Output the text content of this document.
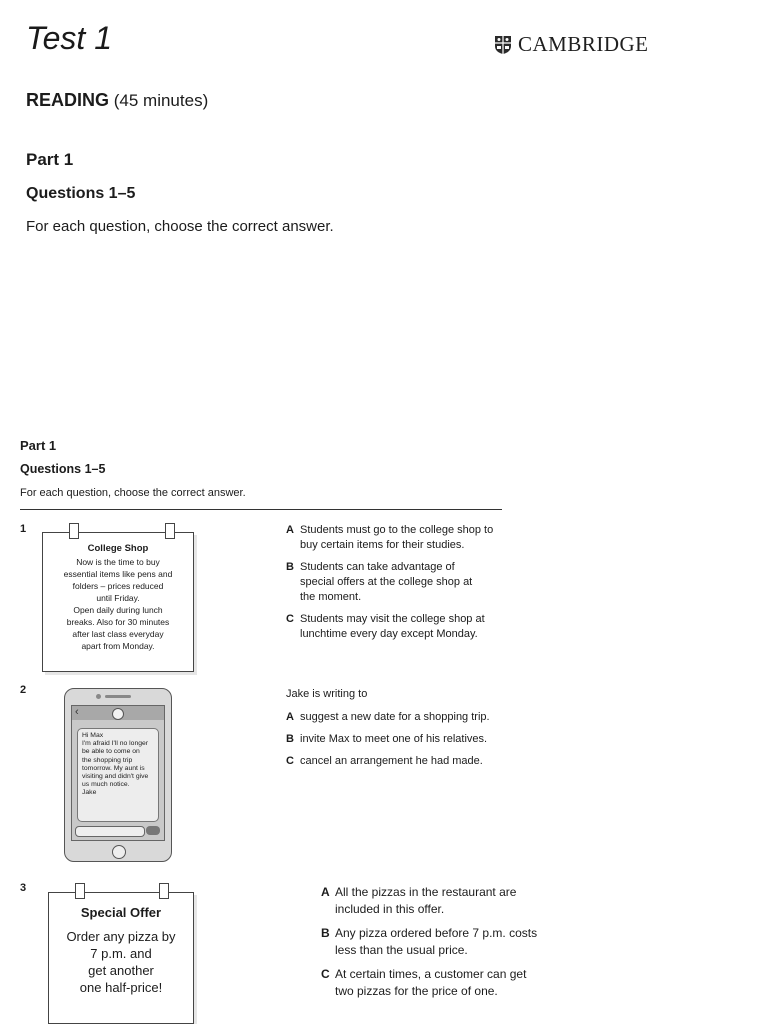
Test 1	CAMBRIDGE
READING (45 minutes)
Part 1
Questions 1–5
For each question, choose the correct answer.
Part 1
Questions 1–5
For each question, choose the correct answer.
1
College Shop
Now is the time to buy
essential items like pens and
folders – prices reduced
until Friday.
Open daily during lunch
breaks. Also for 30 minutes
after last class everyday
apart from Monday.
A Students must go to the college shop to
buy certain items for their studies.
B Students can take advantage of
special offers at the college shop at
the moment.
C Students may visit the college shop at
lunchtime every day except Monday.
2
‹
Hi Max
I'm afraid I'll no longer
be able to come on
the shopping trip
tomorrow. My aunt is
visiting and didn't give
us much notice.
Jake
Jake is writing to
A suggest a new date for a shopping trip.
B invite Max to meet one of his relatives.
C cancel an arrangement he had made.
3
Special Offer
Order any pizza by
7 p.m. and
get another
one half-price!
A All the pizzas in the restaurant are
included in this offer.
B Any pizza ordered before 7 p.m. costs
less than the usual price.
C At certain times, a customer can get
two pizzas for the price of one.
